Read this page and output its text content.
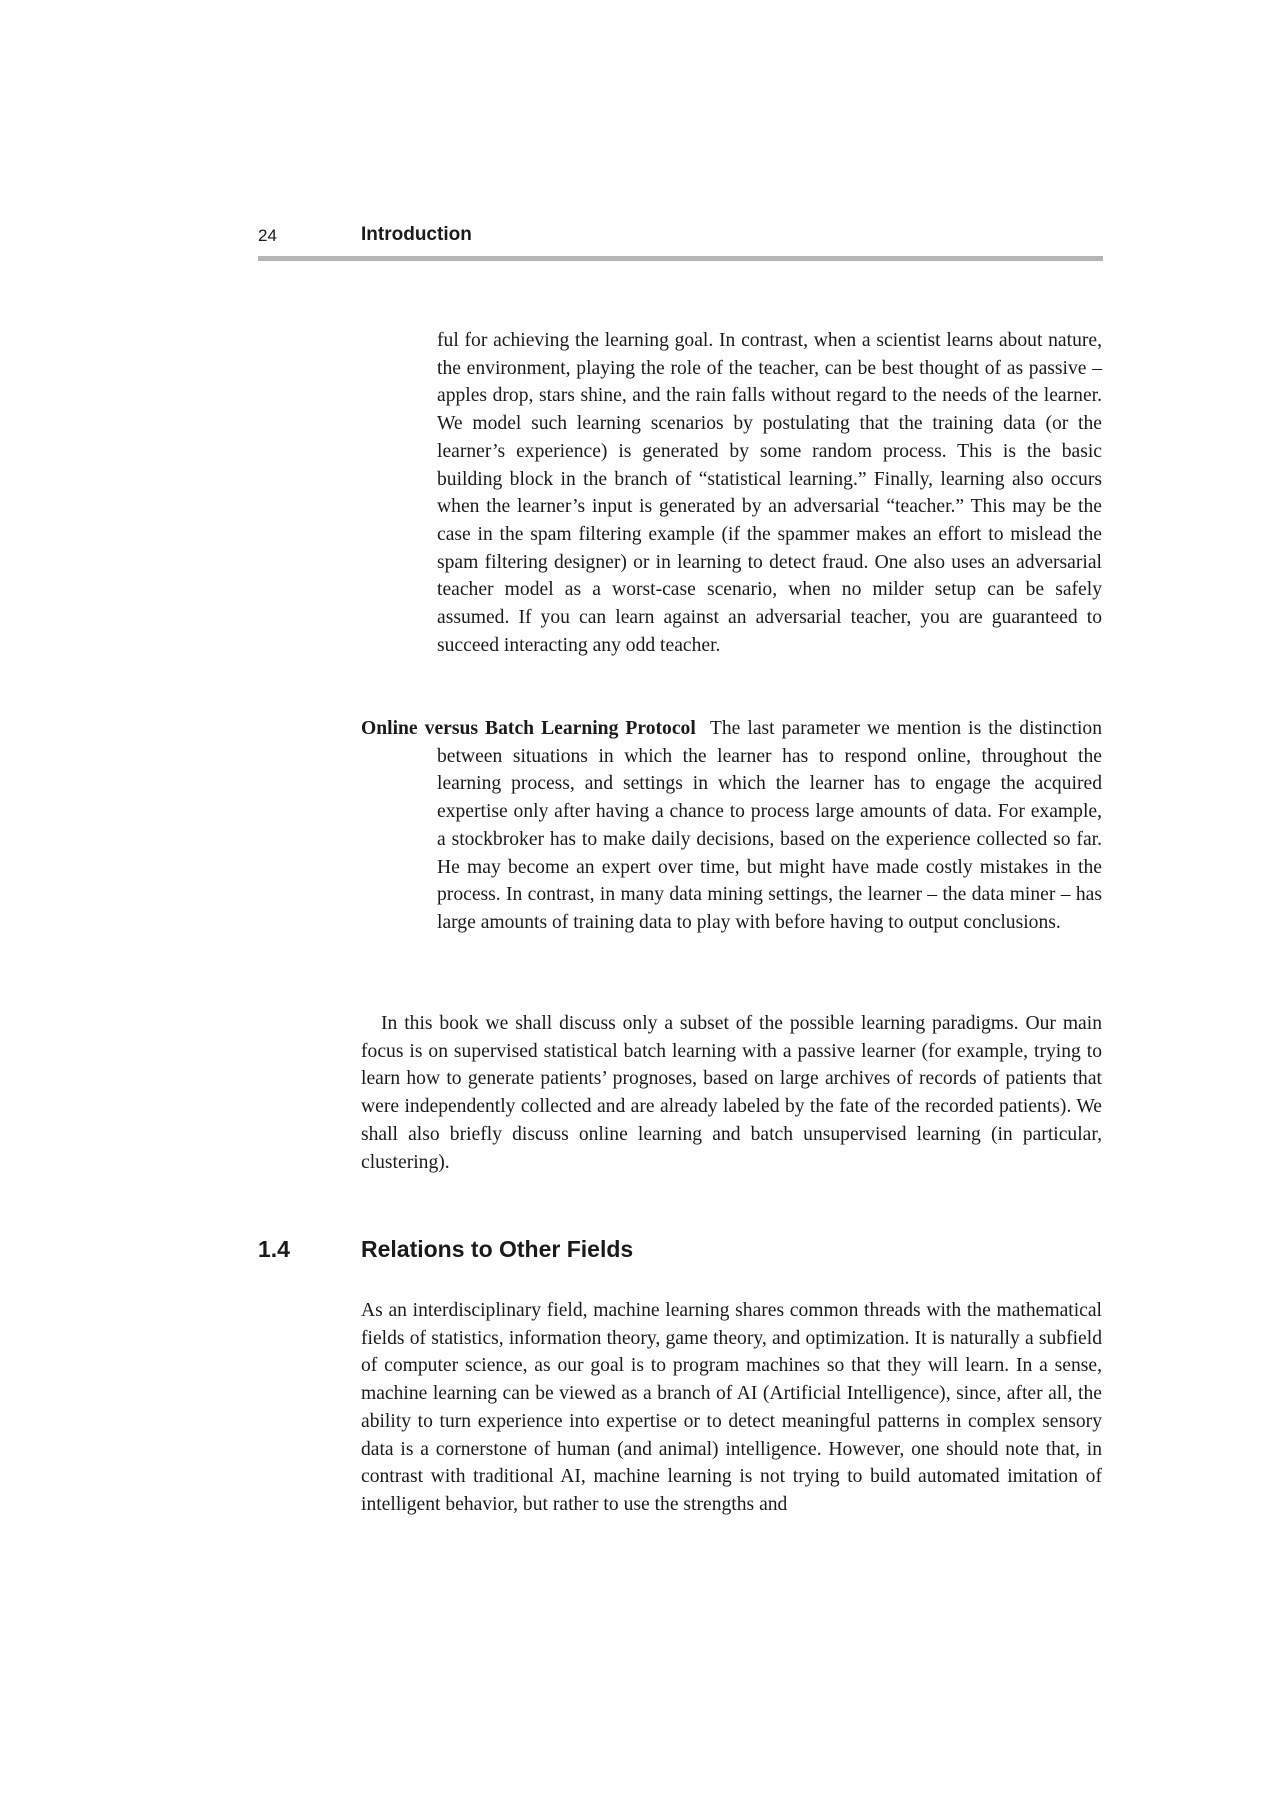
24	Introduction

ful for achieving the learning goal. In contrast, when a scientist learns about nature, the environment, playing the role of the teacher, can be best thought of as passive – apples drop, stars shine, and the rain falls without regard to the needs of the learner. We model such learning scenarios by postulating that the training data (or the learner’s experience) is generated by some random process. This is the basic building block in the branch of “statistical learning.” Finally, learning also occurs when the learner’s input is generated by an adversarial “teacher.” This may be the case in the spam filtering example (if the spammer makes an effort to mislead the spam filtering designer) or in learning to detect fraud. One also uses an adversarial teacher model as a worst-case scenario, when no milder setup can be safely assumed. If you can learn against an adversarial teacher, you are guaranteed to succeed interacting any odd teacher.

Online versus Batch Learning Protocol The last parameter we mention is the distinction between situations in which the learner has to respond online, throughout the learning process, and settings in which the learner has to engage the acquired expertise only after having a chance to process large amounts of data. For example, a stockbroker has to make daily decisions, based on the experience collected so far. He may become an expert over time, but might have made costly mistakes in the process. In contrast, in many data mining settings, the learner – the data miner – has large amounts of training data to play with before having to output conclusions.

In this book we shall discuss only a subset of the possible learning paradigms. Our main focus is on supervised statistical batch learning with a passive learner (for example, trying to learn how to generate patients’ prognoses, based on large archives of records of patients that were independently collected and are already labeled by the fate of the recorded patients). We shall also briefly discuss online learning and batch unsupervised learning (in particular, clustering).

1.4	Relations to Other Fields

As an interdisciplinary field, machine learning shares common threads with the mathematical fields of statistics, information theory, game theory, and optimization. It is naturally a subfield of computer science, as our goal is to program machines so that they will learn. In a sense, machine learning can be viewed as a branch of AI (Artificial Intelligence), since, after all, the ability to turn experience into expertise or to detect meaningful patterns in complex sensory data is a cornerstone of human (and animal) intelligence. However, one should note that, in contrast with traditional AI, machine learning is not trying to build automated imitation of intelligent behavior, but rather to use the strengths and
